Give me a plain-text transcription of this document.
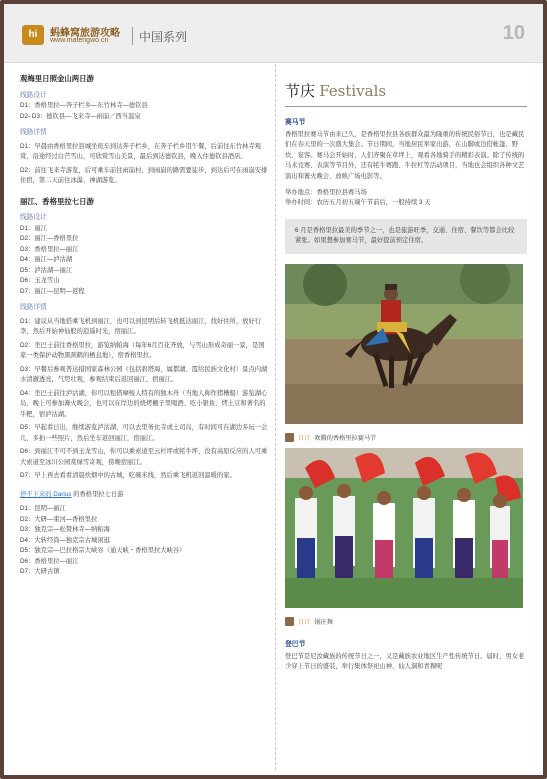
hi	蚂蜂窝旅游攻略
www.mafengwo.cn	中国系列	10
观梅里日照金山两日游
线路设计
D1：香格里拉—奔子栏乡—东竹林寺—德钦县
D2- D3：德钦县—飞来寺—雨崩／西当温泉
线路详情
D1：早晨由香格里拉县城坐班车到达奔子栏乡，在奔子栏乡用午餐，后前往东竹林寺观赏，沿途经过白芒雪山，可欣赏雪山美景，最后到达德钦县，晚入住德钦县酒店。
D2：前往飞来寺游览，后可乘车前往雨崩村，到雨崩的路需要徒步，到达后可在雨崩安排住宿，第二天前往冰瀑、神湖游览。
丽江、香格里拉七日游
线路设计
D1：丽江
D2：丽江—香格里拉
D3：香格里拉—丽江
D4：丽江—泸沽湖
D5：泸沽湖—丽江
D6：玉龙雪山
D7：丽江—昆明—返程
线路详情
D1：建议从当地搭乘飞机到丽江，也可以到昆明后转飞机抵达丽江，找好住所，放好行李，然后开始神仙般的逍遥时光，宿丽江。
D2：坐巴士前往香格里拉，游览纳帕海（每年6月百花齐放，与雪山形成奇丽一景，是国家一类保护动物黑颈鹤的栖息地），宿香格里拉。
D3：早餐后参观普达措国家森林公园（包括碧塔海、属都湖、霞给民族文化村）景点内湖水清澈透亮，气势壮观，参观结束后返回丽江，宿丽江。
D4：坐巴士前往泸沽湖，你可以租借摩梭人特有的独木舟（当地人称作猪槽船）游览湖心岛，晚上可参加篝火晚会，也可以在岸边的烧烤棚子里喝酒、吃小银鱼、烤土豆和著名的牛粑，宿泸沽湖。
D5：早起看日出，继续游览泸沽湖，可以去里务比寺或土司岛，有时间可在湖边多玩一会儿，多拍一些照片，然后坐车返回丽江，宿丽江。
D6：到丽江不可不到玉龙雪山，你可以乘索道至云杉坪或牦牛坪，没有高原反应的人可乘大索道至冰川公园赏绿雪奇观，傍晚宿丽江。
D7：早上再去看看清晨炊烟中的古城，吃碗米线，然后乘飞机返回温暖的家。
停不下来的 Darius 的香格里拉七日游
D1：昆明—丽江
D2：大研—束河—香格里拉
D3：独克宗—松赞林寺—纳帕海
D4：大转经筒—独克宗古城闲逛
D5：独克宗—巴拉格宗大峡谷（通天峡・香格里拉大峡谷）
D6：香格里拉—丽江
D7：大研古镇
节庆 Festivals
赛马节
香格里拉赛马节由来已久，是香格里拉县各族群众最为隆重的传统民俗节日，也是藏民们在春天里的一次盛大集会。节日期间，当地居民举家出游，在山脚或边搭帐篷、野炊、宴客。赛马会开始时，人们齐聚在草坪上，观看各地骑手的精彩表演。除了传统的马术竞赛、表演等节目外，还有牦牛赛跑、牛拉杠等活动项目，当地也会组织各种文艺演出和篝火晚会、放映广场电影等。
举办地点：香格里拉县赛马场
举办时间：农历五月初五端午节前后，一般持续 3 天
6 月是香格里拉最美的季节之一，也是旅游旺季，交通、住宿、餐饮等都会比较紧张。如果想参加赛马节，最好提前预定住宿。
日日 欢腾的香格里拉赛马节
日日 锅庄舞
登巴节
登巴节是尼汝藏族的传统节日之一，又是藏族农业地区生产性传统节日。届时，男女老少穿上节日的盛装，举行集体祭祀山神、仙人洞和青稞呢
